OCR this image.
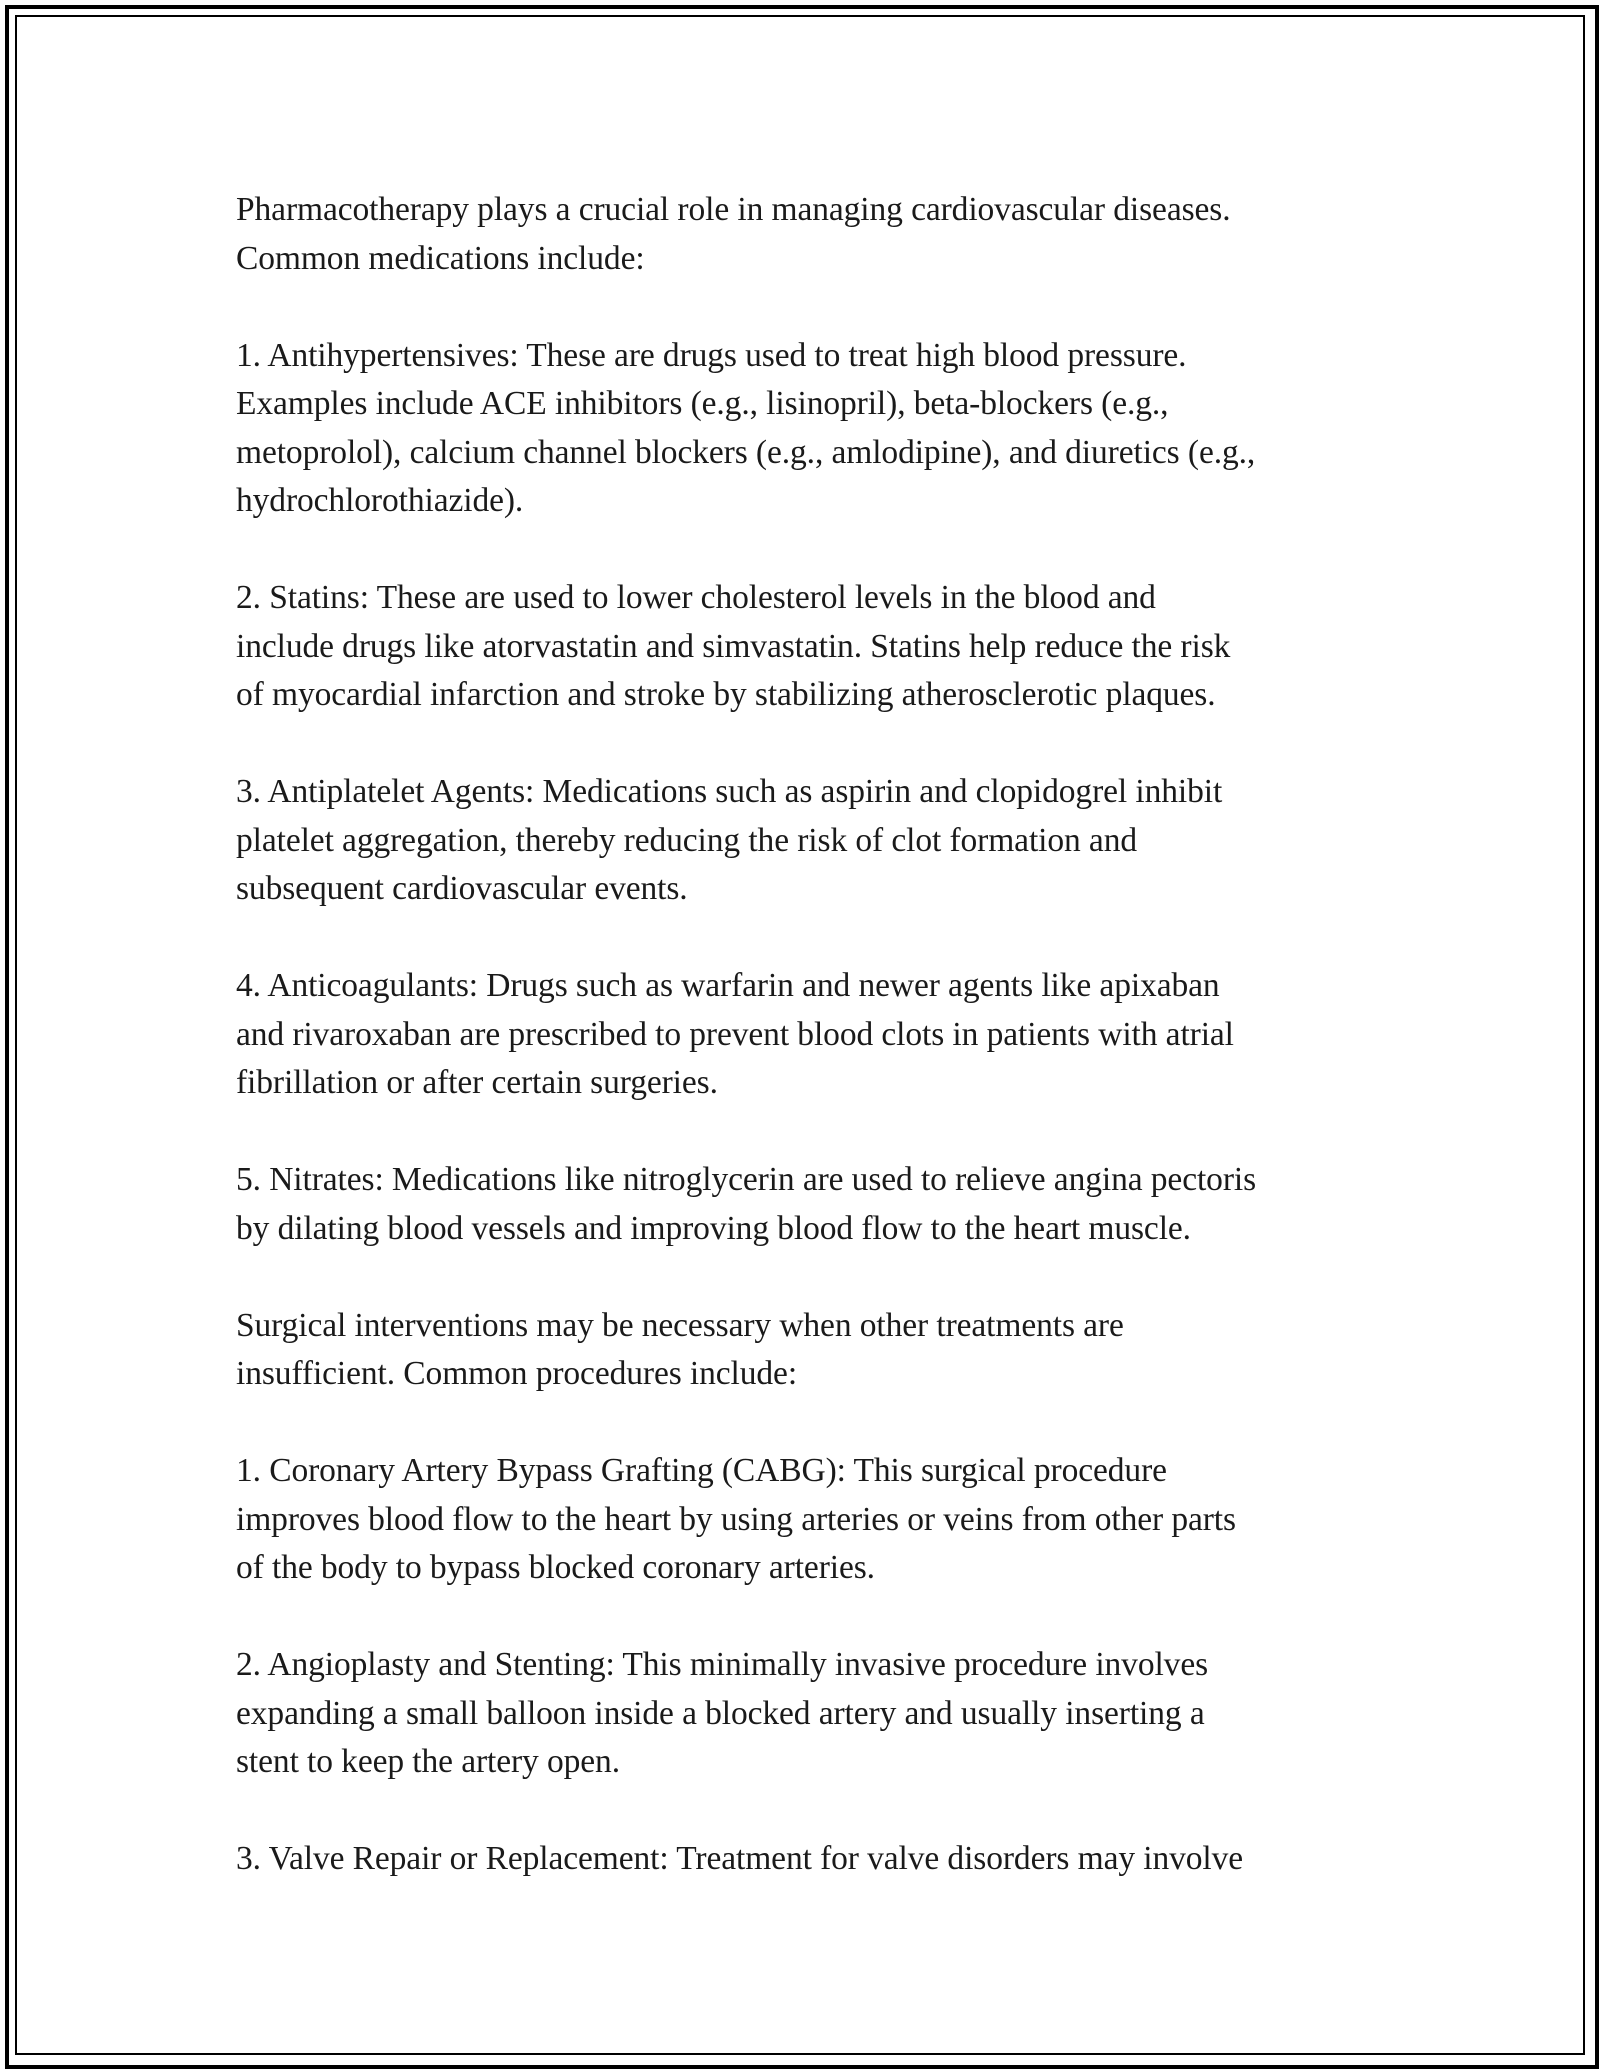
Pharmacotherapy plays a crucial role in managing cardiovascular diseases.
Common medications include:

1. Antihypertensives: These are drugs used to treat high blood pressure.
Examples include ACE inhibitors (e.g., lisinopril), beta-blockers (e.g.,
metoprolol), calcium channel blockers (e.g., amlodipine), and diuretics (e.g.,
hydrochlorothiazide).

2. Statins: These are used to lower cholesterol levels in the blood and
include drugs like atorvastatin and simvastatin. Statins help reduce the risk
of myocardial infarction and stroke by stabilizing atherosclerotic plaques.

3. Antiplatelet Agents: Medications such as aspirin and clopidogrel inhibit
platelet aggregation, thereby reducing the risk of clot formation and
subsequent cardiovascular events.

4. Anticoagulants: Drugs such as warfarin and newer agents like apixaban
and rivaroxaban are prescribed to prevent blood clots in patients with atrial
fibrillation or after certain surgeries.

5. Nitrates: Medications like nitroglycerin are used to relieve angina pectoris
by dilating blood vessels and improving blood flow to the heart muscle.

Surgical interventions may be necessary when other treatments are
insufficient. Common procedures include:

1. Coronary Artery Bypass Grafting (CABG): This surgical procedure
improves blood flow to the heart by using arteries or veins from other parts
of the body to bypass blocked coronary arteries.

2. Angioplasty and Stenting: This minimally invasive procedure involves
expanding a small balloon inside a blocked artery and usually inserting a
stent to keep the artery open.

3. Valve Repair or Replacement: Treatment for valve disorders may involve
